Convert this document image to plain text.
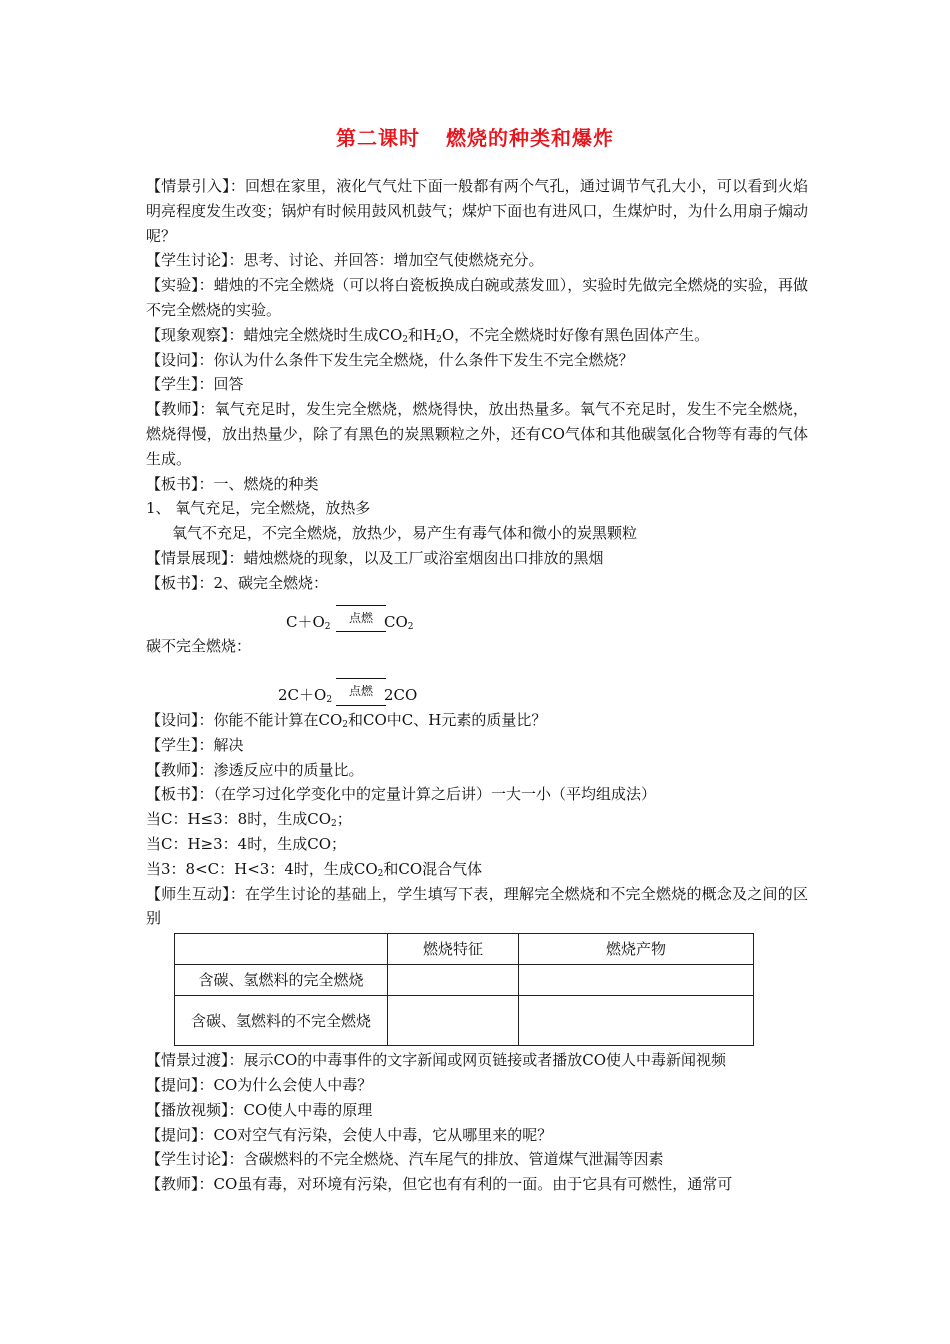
第二课时 燃烧的种类和爆炸

【情景引入】：回想在家里，液化气气灶下面一般都有两个气孔，通过调节气孔大小，可以看到火焰明亮程度发生改变；锅炉有时候用鼓风机鼓气；煤炉下面也有进风口，生煤炉时，为什么用扇子煽动呢？

【学生讨论】：思考、讨论、并回答：增加空气使燃烧充分。

【实验】：蜡烛的不完全燃烧（可以将白瓷板换成白碗或蒸发皿），实验时先做完全燃烧的实验，再做不完全燃烧的实验。

【现象观察】：蜡烛完全燃烧时生成$CO_2$和$H_2O$，不完全燃烧时好像有黑色固体产生。

【设问】：你认为什么条件下发生完全燃烧，什么条件下发生不完全燃烧？

【学生】：回答

【教师】：氧气充足时，发生完全燃烧，燃烧得快，放出热量多。氧气不充足时，发生不完全燃烧，燃烧得慢，放出热量少，除了有黑色的炭黑颗粒之外，还有CO气体和其他碳氢化合物等有毒的气体生成。

【板书】：一、燃烧的种类

1、 氧气充足，完全燃烧，放热多

氧气不充足，不完全燃烧，放热少，易产生有毒气体和微小的炭黑颗粒

【情景展现】：蜡烛燃烧的现象，以及工厂或浴室烟囱出口排放的黑烟

【板书】：2、碳完全燃烧：

$C+O_2$
点燃 $CO_2$

碳不完全燃烧：

$2C+O_2$
点燃 2CO

【设问】：你能不能计算在$CO_2$和CO中C、H元素的质量比？

【学生】：解决

【教师】：渗透反应中的质量比。

【板书】：（在学习过化学变化中的定量计算之后讲）一大一小（平均组成法）

当C：H≤3：8时，生成$CO_2$；

当C：H≥3：4时，生成CO；

当3：8<C：H<3：4时，生成$CO_2$和CO混合气体

【师生互动】：在学生讨论的基础上，学生填写下表，理解完全燃烧和不完全燃烧的概念及之间的区别

	燃烧特征	燃烧产物
含碳、氢燃料的完全燃烧		
含碳、氢燃料的不完全燃烧		

【情景过渡】：展示CO的中毒事件的文字新闻或网页链接或者播放CO使人中毒新闻视频

【提问】：CO为什么会使人中毒？

【播放视频】：CO使人中毒的原理

【提问】：CO对空气有污染，会使人中毒，它从哪里来的呢？

【学生讨论】：含碳燃料的不完全燃烧、汽车尾气的排放、管道煤气泄漏等因素

【教师】：CO虽有毒，对环境有污染，但它也有有利的一面。由于它具有可燃性，通常可
